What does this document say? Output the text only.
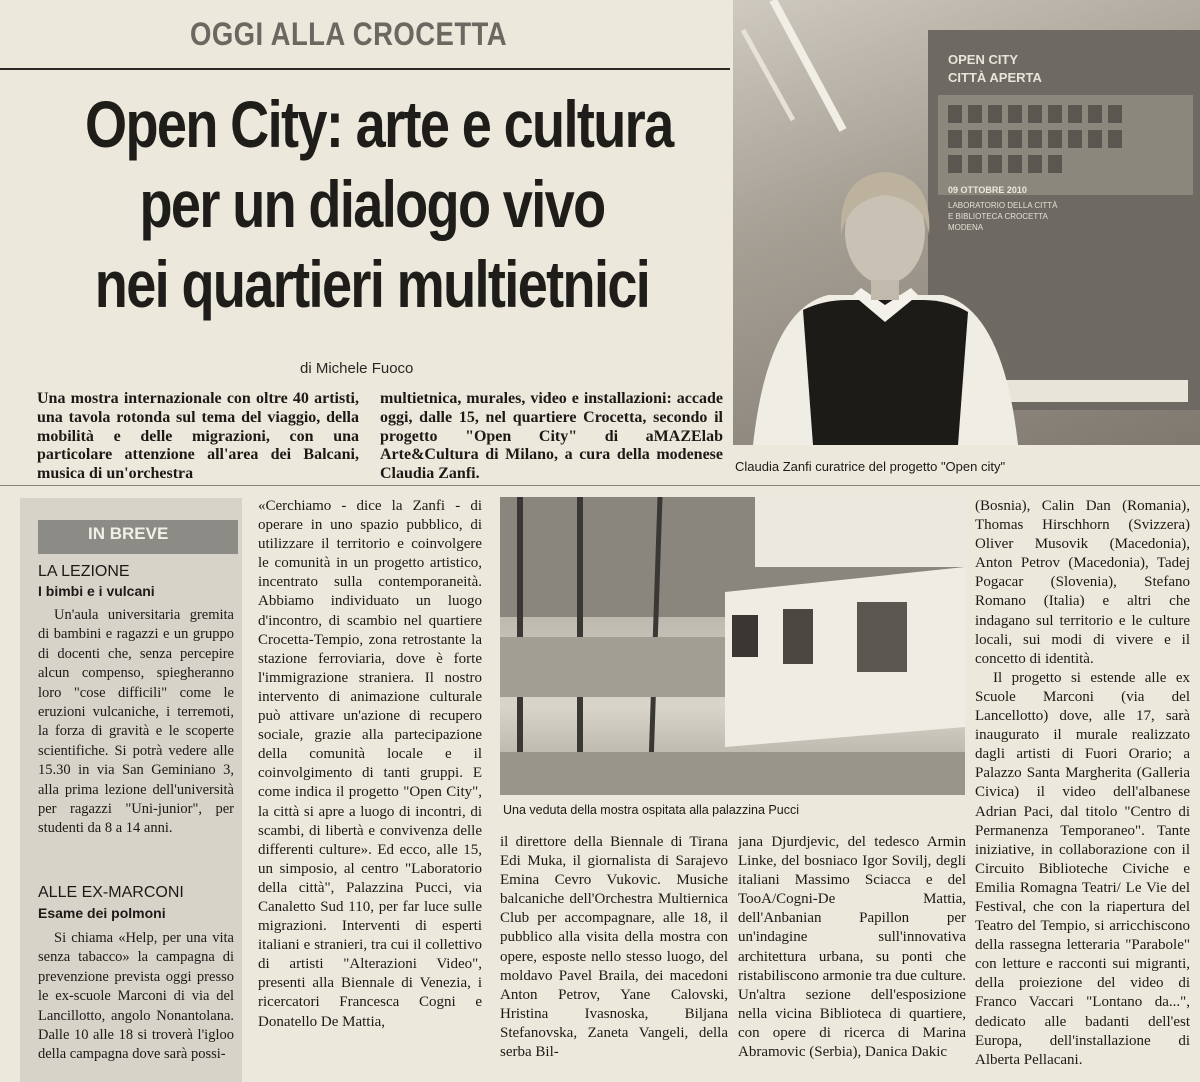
OGGI ALLA CROCETTA
Open City: arte e cultura
per un dialogo vivo
nei quartieri multietnici
di Michele Fuoco
Una mostra internazionale con oltre 40 artisti, una tavola rotonda sul tema del viaggio, della mobilità e delle migrazioni, con una particolare attenzione all'area dei Balcani, musica di un'orchestra
multietnica, murales, video e installazioni: accade oggi, dalle 15, nel quartiere Crocetta, secondo il progetto "Open City" di aMAZElab Arte&Cultura di Milano, a cura della modenese Claudia Zanfi.
OPEN CITY
CITTÀ APERTA
09 OTTOBRE 2010
LABORATORIO DELLA CITTÀ
E BIBLIOTECA CROCETTA
MODENA
Claudia Zanfi curatrice del progetto "Open city"
IN BREVE
LA LEZIONE
I bimbi e i vulcani
Un'aula universitaria gremita di bambini e ragazzi e un gruppo di docenti che, senza percepire alcun compenso, spiegheranno loro "cose difficili" come le eruzioni vulcaniche, i terremoti, la forza di gravità e le scoperte scientifiche. Si potrà vedere alle 15.30 in via San Geminiano 3, alla prima lezione dell'università per ragazzi "Uni-junior", per studenti da 8 a 14 anni.
ALLE EX-MARCONI
Esame dei polmoni
Si chiama «Help, per una vita senza tabacco» la campagna di prevenzione prevista oggi presso le ex-scuole Marconi di via del Lancillotto, angolo Nonantolana. Dalle 10 alle 18 si troverà l'igloo della campagna dove sarà possi-
«Cerchiamo - dice la Zanfi - di operare in uno spazio pubblico, di utilizzare il territorio e coinvolgere le comunità in un progetto artistico, incentrato sulla contemporaneità. Abbiamo individuato un luogo d'incontro, di scambio nel quartiere Crocetta-Tempio, zona retrostante la stazione ferroviaria, dove è forte l'immigrazione straniera. Il nostro intervento di animazione culturale può attivare un'azione di recupero sociale, grazie alla partecipazione della comunità locale e il coinvolgimento di tanti gruppi. E come indica il progetto "Open City", la città si apre a luogo di incontri, di scambi, di libertà e convivenza delle differenti culture». Ed ecco, alle 15, un simposio, al centro "Laboratorio della città", Palazzina Pucci, via Canaletto Sud 110, per far luce sulle migrazioni. Interventi di esperti italiani e stranieri, tra cui il collettivo di artisti "Alterazioni Video", presenti alla Biennale di Venezia, i ricercatori Francesca Cogni e Donatello De Mattia,
Una veduta della mostra ospitata alla palazzina Pucci
il direttore della Biennale di Tirana Edi Muka, il giornalista di Sarajevo Emina Cevro Vukovic. Musiche balcaniche dell'Orchestra Multiernica Club per accompagnare, alle 18, il pubblico alla visita della mostra con opere, esposte nello stesso luogo, del moldavo Pavel Braila, dei macedoni Anton Petrov, Yane Calovski, Hristina Ivasnoska, Biljana Stefanovska, Zaneta Vangeli, della serba Bil-
jana Djurdjevic, del tedesco Armin Linke, del bosniaco Igor Sovilj, degli italiani Massimo Sciacca e del TooA/Cogni-De Mattia, dell'Anbanian Papillon per un'indagine sull'innovativa architettura urbana, su ponti che ristabiliscono armonie tra due culture. Un'altra sezione dell'esposizione nella vicina Biblioteca di quartiere, con opere di ricerca di Marina Abramovic (Serbia), Danica Dakic

(Bosnia), Calin Dan (Romania), Thomas Hirschhorn (Svizzera) Oliver Musovik (Macedonia), Anton Petrov (Macedonia), Tadej Pogacar (Slovenia), Stefano Romano (Italia) e altri che indagano sul territorio e le culture locali, sui modi di vivere e il concetto di identità.

Il progetto si estende alle ex Scuole Marconi (via del Lancellotto) dove, alle 17, sarà inaugurato il murale realizzato dagli artisti di Fuori Orario; a Palazzo Santa Margherita (Galleria Civica) il video dell'albanese Adrian Paci, dal titolo "Centro di Permanenza Temporaneo". Tante iniziative, in collaborazione con il Circuito Biblioteche Civiche e Emilia Romagna Teatri/ Le Vie del Festival, che con la riapertura del Teatro del Tempio, si arricchiscono della rassegna letteraria "Parabole" con letture e racconti sui migranti, della proiezione del video di Franco Vaccari "Lontano da...", dedicato alle badanti dell'est Europa, dell'installazione di Alberta Pellacani.
